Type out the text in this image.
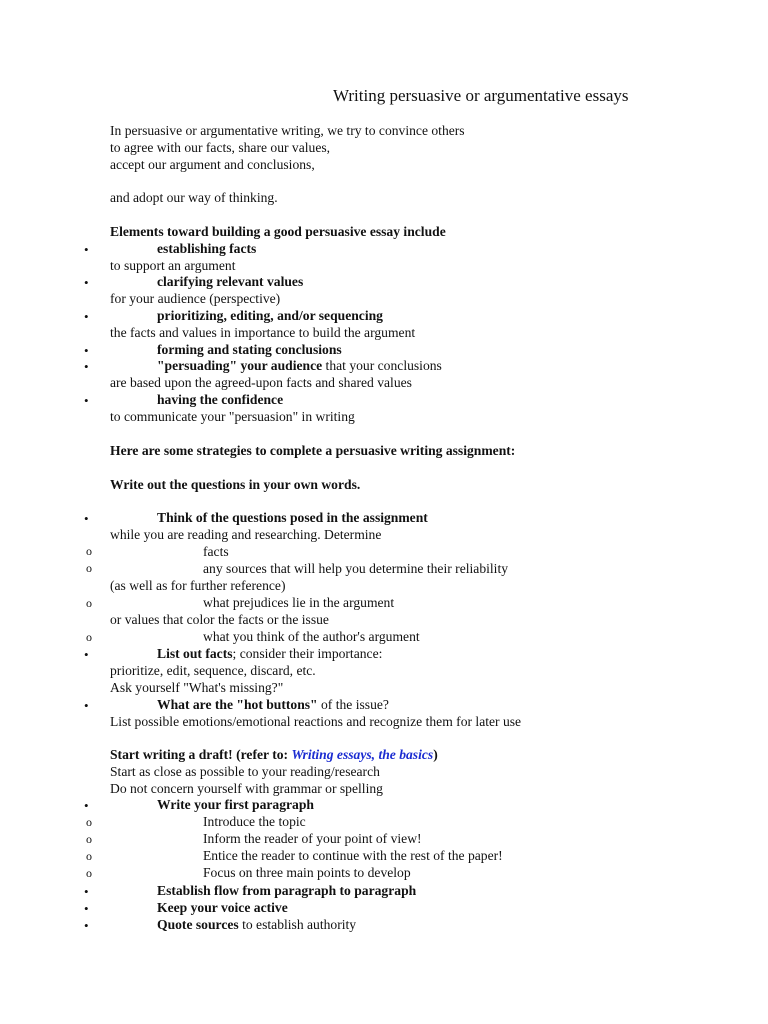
Writing persuasive or argumentative essays
In persuasive or argumentative writing, we try to convince others
to agree with our facts, share our values,
accept our argument and conclusions,
and adopt our way of thinking.
Elements toward building a good persuasive essay include
•	establishing facts
to support an argument
•	clarifying relevant values
for your audience (perspective)
•	prioritizing, editing, and/or sequencing
the facts and values in importance to build the argument
•	forming and stating conclusions
•	"persuading" your audience that your conclusions
are based upon the agreed-upon facts and shared values
•	having the confidence
to communicate your "persuasion" in writing
Here are some strategies to complete a persuasive writing assignment:
Write out the questions in your own words.
•	Think of the questions posed in the assignment
while you are reading and researching. Determine
o	facts
o	any sources that will help you determine their reliability
(as well as for further reference)
o	what prejudices lie in the argument
or values that color the facts or the issue
o	what you think of the author's argument
•	List out facts; consider their importance:
prioritize, edit, sequence, discard, etc.
Ask yourself "What's missing?"
•	What are the "hot buttons" of the issue?
List possible emotions/emotional reactions and recognize them for later use
Start writing a draft! (refer to: Writing essays, the basics)
Start as close as possible to your reading/research
Do not concern yourself with grammar or spelling
•	Write your first paragraph
o	Introduce the topic
o	Inform the reader of your point of view!
o	Entice the reader to continue with the rest of the paper!
o	Focus on three main points to develop
•	Establish flow from paragraph to paragraph
•	Keep your voice active
•	Quote sources to establish authority
